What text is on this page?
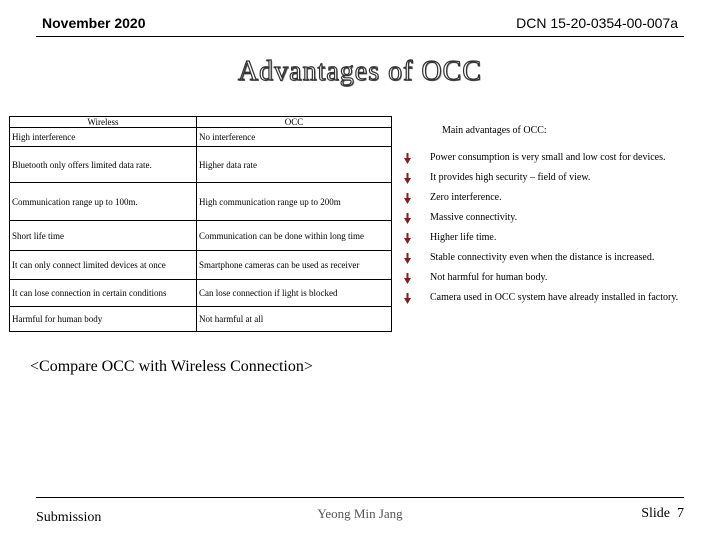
November 2020	DCN 15-20-0354-00-007a
Advantages of OCC
Wireless	OCC
High interference	No interference
Bluetooth only offers limited data rate.	Higher data rate
Communication range up to 100m.	High communication range up to 200m
Short life time	Communication can be done within long time
It can only connect limited devices at once	Smartphone cameras can be used as receiver
It can lose connection in certain conditions	Can lose connection if light is blocked
Harmful for human body	Not harmful at all
Main advantages of OCC:
Power consumption is very small and low cost for devices.
It provides high security – field of view.
Zero interference.
Massive connectivity.
Higher life time.
Stable connectivity even when the distance is increased.
Not harmful for human body.
Camera used in OCC system have already installed in factory.
<Compare OCC with Wireless Connection>
Submission	Yeong Min Jang	Slide 7
